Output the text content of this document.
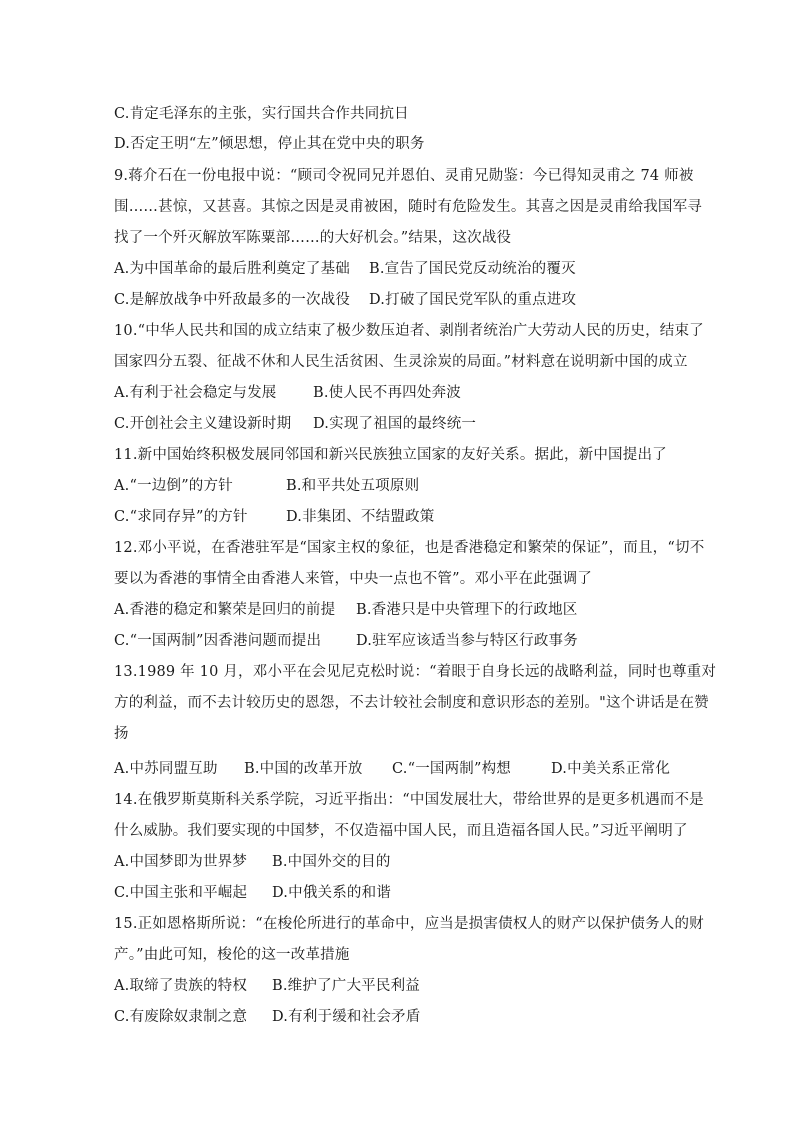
C.肯定毛泽东的主张，实行国共合作共同抗日
D.否定王明“左”倾思想，停止其在党中央的职务
9.蒋介石在一份电报中说：“顾司令祝同兄并恩伯、灵甫兄勋鉴：今已得知灵甫之 74 师被
围……甚惊，又甚喜。其惊之因是灵甫被困，随时有危险发生。其喜之因是灵甫给我国军寻
找了一个歼灭解放军陈粟部……的大好机会。”结果，这次战役
A.为中国革命的最后胜利奠定了基础 B.宣告了国民党反动统治的覆灭
C.是解放战争中歼敌最多的一次战役 D.打破了国民党军队的重点进攻
10.“中华人民共和国的成立结束了极少数压迫者、剥削者统治广大劳动人民的历史，结束了
国家四分五裂、征战不休和人民生活贫困、生灵涂炭的局面。”材料意在说明新中国的成立
A.有利于社会稳定与发展	B.使人民不再四处奔波
C.开创社会主义建设新时期 D.实现了祖国的最终统一
11.新中国始终积极发展同邻国和新兴民族独立国家的友好关系。据此，新中国提出了
A.“一边倒”的方针	B.和平共处五项原则
C.“求同存异”的方针	D.非集团、不结盟政策
12.邓小平说，在香港驻军是“国家主权的象征，也是香港稳定和繁荣的保证”，而且，“切不
要以为香港的事情全由香港人来管，中央一点也不管”。邓小平在此强调了
A.香港的稳定和繁荣是回归的前提 B.香港只是中央管理下的行政地区
C.“一国两制”因香港问题而提出 D.驻军应该适当参与特区行政事务
13.1989 年 10 月，邓小平在会见尼克松时说：“着眼于自身长远的战略利益，同时也尊重对
方的利益，而不去计较历史的恩怨，不去计较社会制度和意识形态的差别。"这个讲话是在赞
扬
A.中苏同盟互助 B.中国的改革开放 C.“一国两制”构想	D.中美关系正常化
14.在俄罗斯莫斯科关系学院，习近平指出：“中国发展壮大，带给世界的是更多机遇而不是
什么威胁。我们要实现的中国梦，不仅造福中国人民，而且造福各国人民。”习近平阐明了
A.中国梦即为世界梦 B.中国外交的目的
C.中国主张和平崛起 D.中俄关系的和谐
15.正如恩格斯所说：“在梭伦所进行的革命中，应当是损害债权人的财产以保护债务人的财
产。”由此可知，梭伦的这一改革措施
A.取缔了贵族的特权 B.维护了广大平民利益
C.有废除奴隶制之意 D.有利于缓和社会矛盾
